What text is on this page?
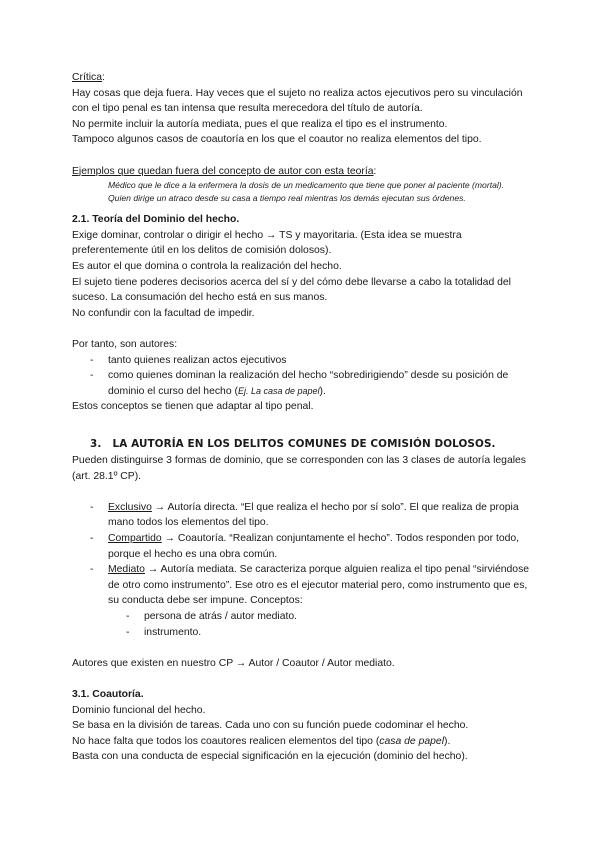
Crítica:

Hay cosas que deja fuera. Hay veces que el sujeto no realiza actos ejecutivos pero su vinculación con el tipo penal es tan intensa que resulta merecedora del título de autoría.

No permite incluir la autoría mediata, pues el que realiza el tipo es el instrumento.

Tampoco algunos casos de coautoría en los que el coautor no realiza elementos del tipo.

Ejemplos que quedan fuera del concepto de autor con esta teoría:

Médico que le dice a la enfermera la dosis de un medicamento que tiene que poner al paciente (mortal).

Quien dirige un atraco desde su casa a tiempo real mientras los demás ejecutan sus órdenes.

2.1. Teoría del Dominio del hecho.

Exige dominar, controlar o dirigir el hecho → TS y mayoritaria. (Esta idea se muestra preferentemente útil en los delitos de comisión dolosos).

Es autor el que domina o controla la realización del hecho.

El sujeto tiene poderes decisorios acerca del sí y del cómo debe llevarse a cabo la totalidad del suceso. La consumación del hecho está en sus manos.

No confundir con la facultad de impedir.

Por tanto, son autores:

- tanto quienes realizan actos ejecutivos
- como quienes dominan la realización del hecho “sobredirigiendo” desde su posición de dominio el curso del hecho (Ej. La casa de papel).

Estos conceptos se tienen que adaptar al tipo penal.

3. LA AUTORÍA EN LOS DELITOS COMUNES DE COMISIÓN DOLOSOS.

Pueden distinguirse 3 formas de dominio, que se corresponden con las 3 clases de autoría legales (art. 28.1º CP).

- Exclusivo → Autoría directa. “El que realiza el hecho por sí solo”. El que realiza de propia mano todos los elementos del tipo.
- Compartido → Coautoría. “Realizan conjuntamente el hecho”. Todos responden por todo, porque el hecho es una obra común.
- Mediato → Autoría mediata. Se caracteriza porque alguien realiza el tipo penal “sirviéndose de otro como instrumento”. Ese otro es el ejecutor material pero, como instrumento que es, su conducta debe ser impune. Conceptos:
- persona de atrás / autor mediato.
- instrumento.

Autores que existen en nuestro CP → Autor / Coautor / Autor mediato.

3.1. Coautoría.

Dominio funcional del hecho.

Se basa en la división de tareas. Cada uno con su función puede codominar el hecho.

No hace falta que todos los coautores realicen elementos del tipo (casa de papel).

Basta con una conducta de especial significación en la ejecución (dominio del hecho).
